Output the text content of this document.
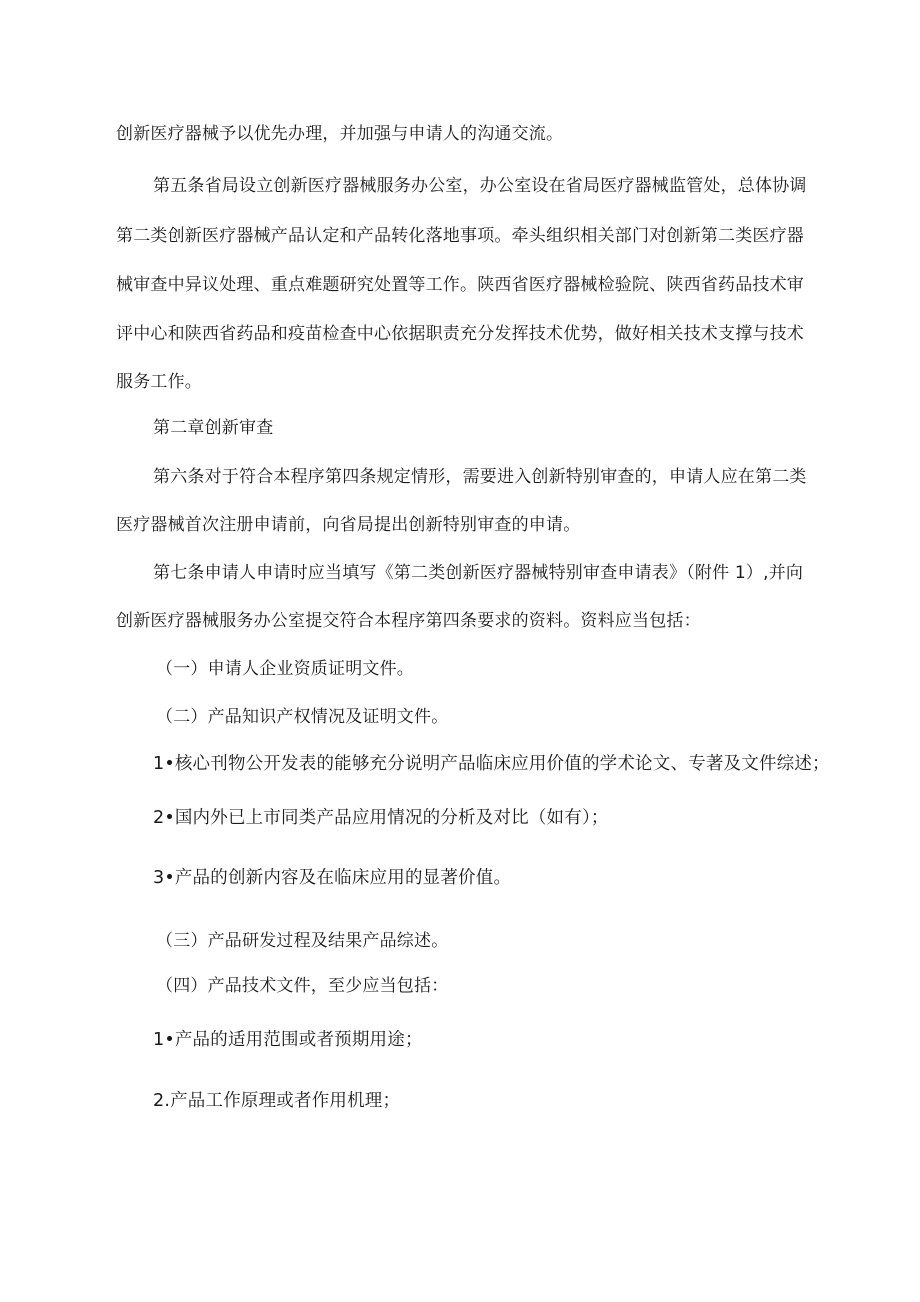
创新医疗器械予以优先办理，并加强与申请人的沟通交流。
第五条省局设立创新医疗器械服务办公室，办公室设在省局医疗器械监管处，总体协调
第二类创新医疗器械产品认定和产品转化落地事项。牵头组织相关部门对创新第二类医疗器
械审查中异议处理、重点难题研究处置等工作。陕西省医疗器械检验院、陕西省药品技术审
评中心和陕西省药品和疫苗检查中心依据职责充分发挥技术优势，做好相关技术支撑与技术
服务工作。
第二章创新审查
第六条对于符合本程序第四条规定情形，需要进入创新特别审查的，申请人应在第二类
医疗器械首次注册申请前，向省局提出创新特别审查的申请。
第七条申请人申请时应当填写《第二类创新医疗器械特别审查申请表》（附件 1）,并向
创新医疗器械服务办公室提交符合本程序第四条要求的资料。资料应当包括：
（一）申请人企业资质证明文件。
（二）产品知识产权情况及证明文件。
1•核心刊物公开发表的能够充分说明产品临床应用价值的学术论文、专著及文件综述；
2•国内外已上市同类产品应用情况的分析及对比（如有）；
3•产品的创新内容及在临床应用的显著价值。
（三）产品研发过程及结果产品综述。
（四）产品技术文件，至少应当包括：
1•产品的适用范围或者预期用途；
2.产品工作原理或者作用机理；
